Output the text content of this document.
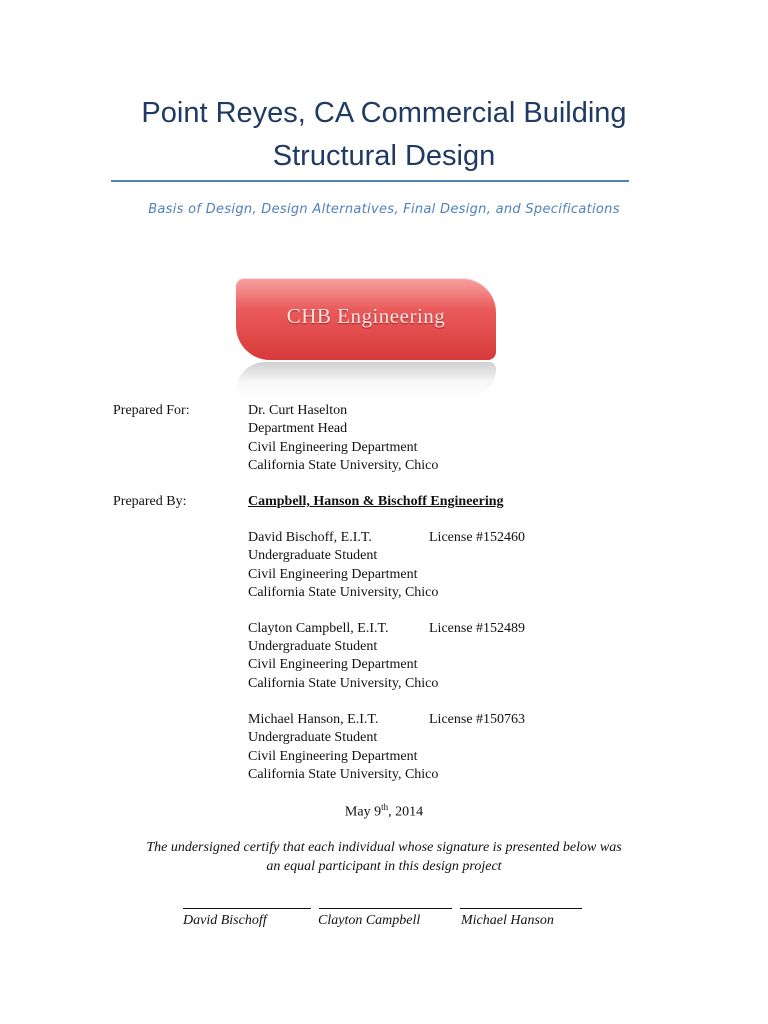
Point Reyes, CA Commercial Building
Structural Design
Basis of Design, Design Alternatives, Final Design, and Specifications
CHB Engineering
Prepared For:	Dr. Curt Haselton
Department Head
Civil Engineering Department
California State University, Chico
Prepared By:	Campbell, Hanson & Bischoff Engineering
David Bischoff, E.I.T.	License #152460
Undergraduate Student
Civil Engineering Department
California State University, Chico
Clayton Campbell, E.I.T.	License #152489
Undergraduate Student
Civil Engineering Department
California State University, Chico
Michael Hanson, E.I.T.	License #150763
Undergraduate Student
Civil Engineering Department
California State University, Chico
May 9th, 2014
The undersigned certify that each individual whose signature is presented below was
an equal participant in this design project
David Bischoff	Clayton Campbell	Michael Hanson
